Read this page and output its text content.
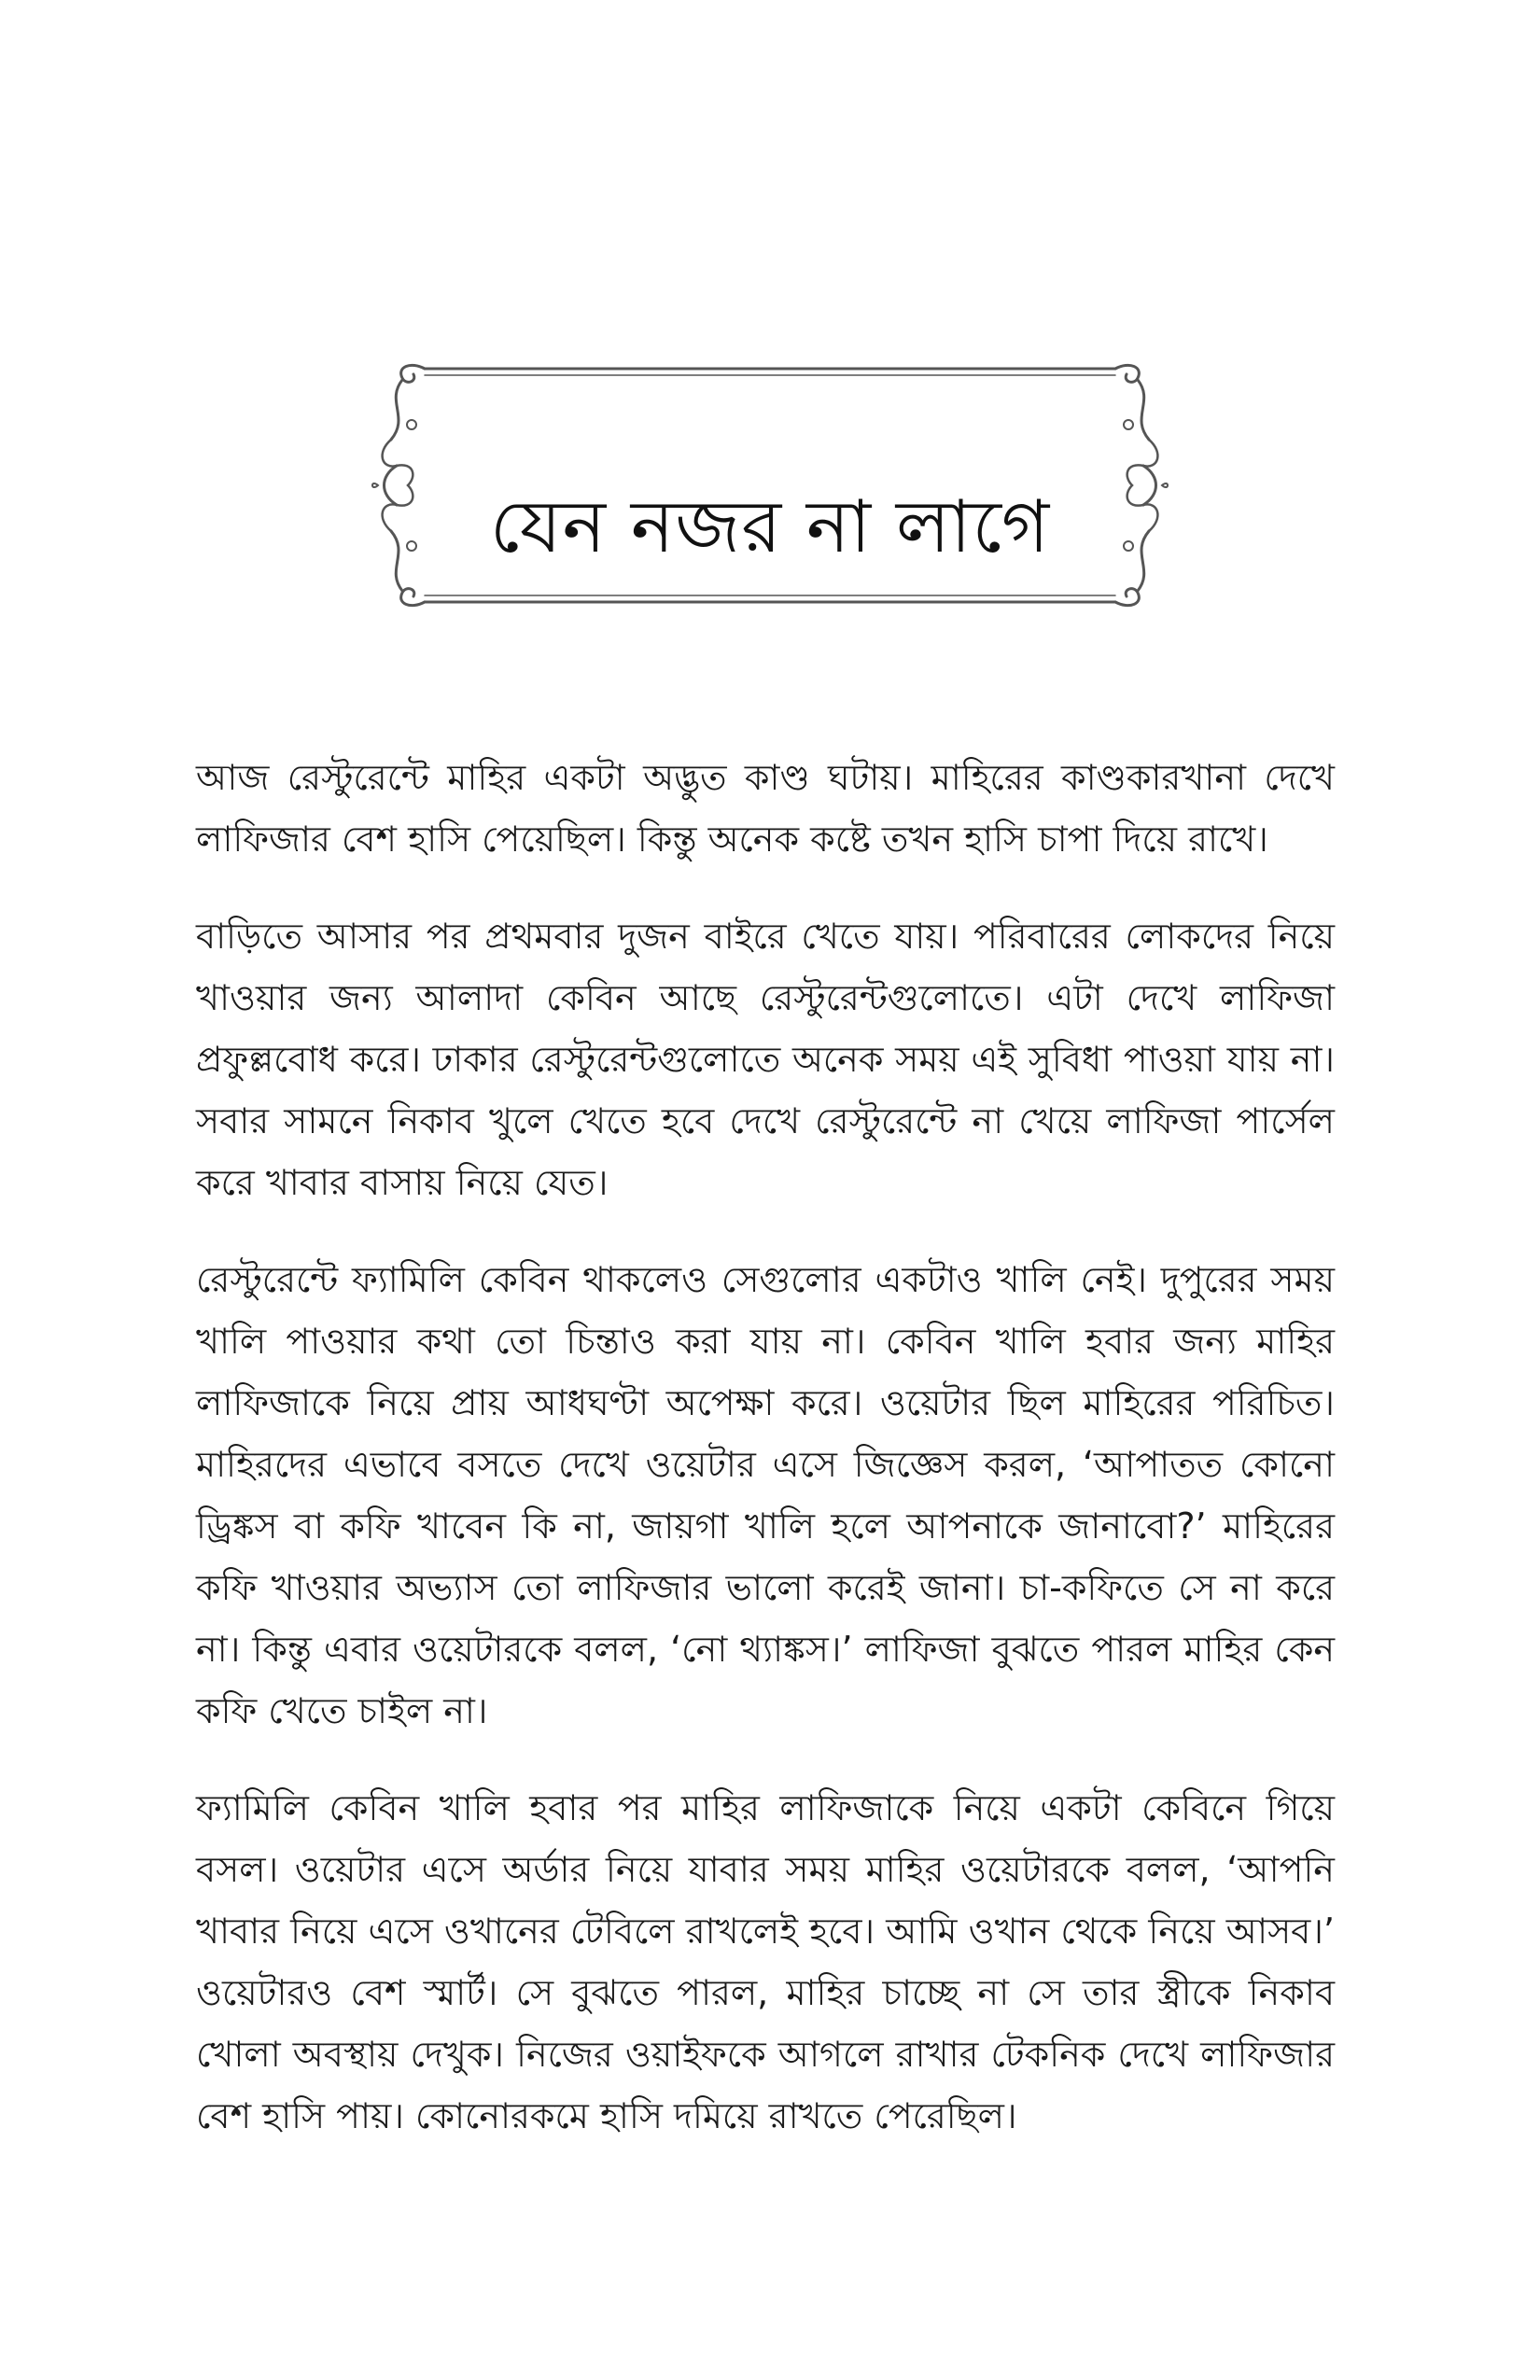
যেন নজর না লাগে

আজ রেস্টুরেন্টে মাহির একটা অদ্ভুত কাণ্ড ঘটায়। মাহিরের কাণ্ডকারখানা দেখে লাফিজার বেশ হাসি পেয়েছিল। কিন্তু অনেক কষ্টে তখন হাসি চাপা দিয়ে রাখে।

বাড়িতে আসার পর প্রথমবার দুজন বাইরে খেতে যায়। পরিবারের লোকদের নিয়ে খাওয়ার জন্য আলাদা কেবিন আছে রেস্টুরেন্টগুলোতে। এটা দেখে লাফিজা প্রফুল্লবোধ করে। ঢাকার রেস্টুরেন্টগুলোতে অনেক সময় এই সুবিধা পাওয়া যায় না। সবার সামনে নিকাব খুলে খেতে হবে দেখে রেস্টুরেন্টে না খেয়ে লাফিজা পার্সেল করে খাবার বাসায় নিয়ে যেত।

রেস্টুরেন্টে ফ্যামিলি কেবিন থাকলেও সেগুলোর একটাও খালি নেই। দুপুরের সময় খালি পাওয়ার কথা তো চিন্তাও করা যায় না। কেবিন খালি হবার জন্য মাহির লাফিজাকে নিয়ে প্রায় আধঘণ্টা অপেক্ষা করে। ওয়েটার ছিল মাহিরের পরিচিত। মাহিরদের এভাবে বসতে দেখে ওয়েটার এসে জিজ্ঞেস করল, ‘আপাতত কোনো ড্রিঙ্কস বা কফি খাবেন কি না, জায়গা খালি হলে আপনাকে জানাবো?’ মাহিরের কফি খাওয়ার অভ্যাস তো লাফিজার ভালো করেই জানা। চা-কফিতে সে না করে না। কিন্তু এবার ওয়েটারকে বলল, ‘নো থ্যাঙ্কস।’ লাফিজা বুঝতে পারল মাহির কেন কফি খেতে চাইল না।

ফ্যামিলি কেবিন খালি হবার পর মাহির লাফিজাকে নিয়ে একটা কেবিনে গিয়ে বসল। ওয়েটার এসে অর্ডার নিয়ে যাবার সময় মাহির ওয়েটারকে বলল, ‘আপনি খাবার নিয়ে এসে ওখানের টেবিলে রাখলেই হবে। আমি ওখান থেকে নিয়ে আসব।’ ওয়েটারও বেশ স্মার্ট। সে বুঝতে পারল, মাহির চাচ্ছে না সে তার স্ত্রীকে নিকাব খোলা অবস্থায় দেখুক। নিজের ওয়াইফকে আগলে রাখার টেকনিক দেখে লাফিজার বেশ হাসি পায়। কোনোরকমে হাসি দমিয়ে রাখতে পেরেছিল।
